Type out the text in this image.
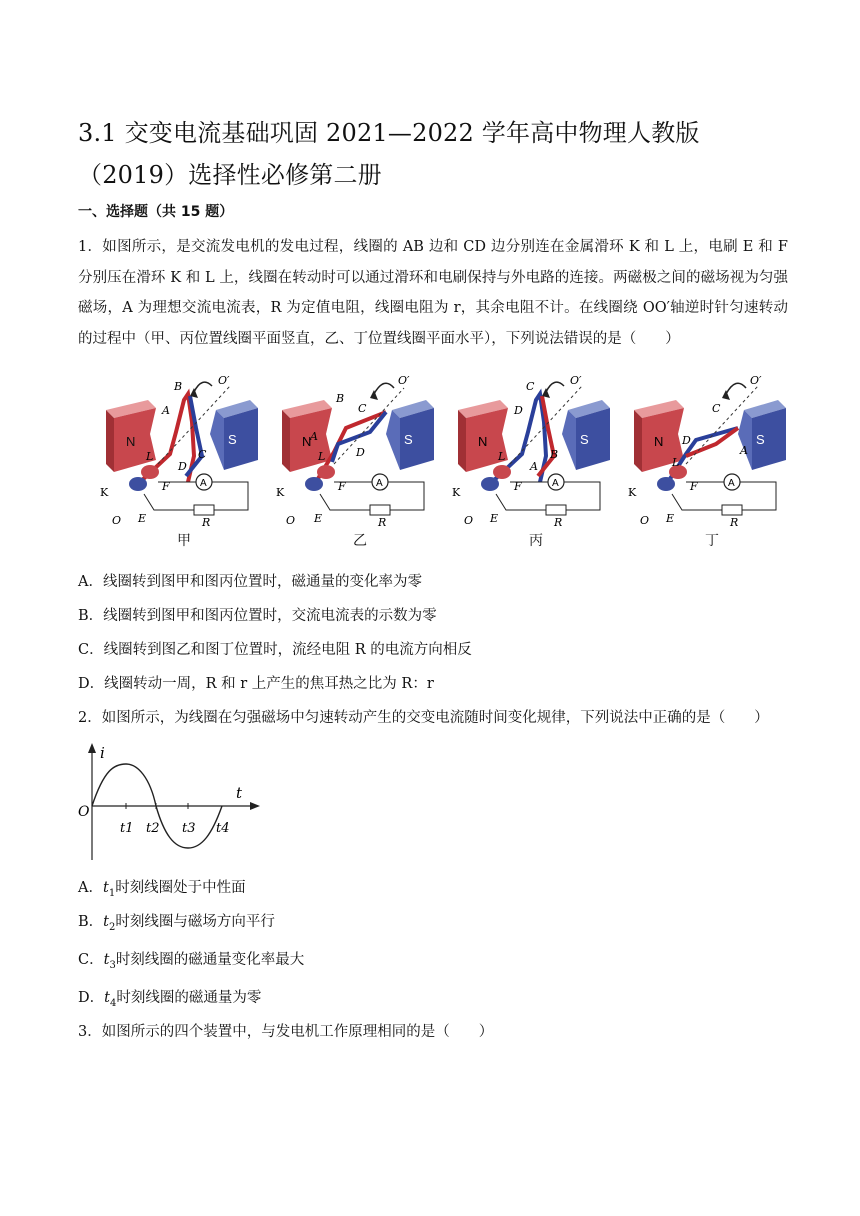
3.1 交变电流基础巩固 2021—2022 学年高中物理人教版（2019）选择性必修第二册
一、选择题（共 15 题）
1．如图所示，是交流发电机的发电过程，线圈的 AB 边和 CD 边分别连在金属滑环 K 和 L 上，电刷 E 和 F 分别压在滑环 K 和 L 上，线圈在转动时可以通过滑环和电刷保持与外电路的连接。两磁极之间的磁场视为匀强磁场，A 为理想交流电流表，R 为定值电阻，线圈电阻为 r，其余电阻不计。在线圈绕 OO′轴逆时针匀速转动的过程中（甲、丙位置线圈平面竖直，乙、丁位置线圈平面水平），下列说法错误的是（　　）
N	S
A
R
K
O E
F
L
B
A
C
D
O′
甲
N	S
A
R
K
O E
F
L
B
A
C
D
O′
乙
N	S
A
R
K
O E
F
L
C
D
B
A
O′
丙
N	S
A
R
K
O E
F
L
C
D
A
O′
丁
A．线圈转到图甲和图丙位置时，磁通量的变化率为零
B．线圈转到图甲和图丙位置时，交流电流表的示数为零
C．线圈转到图乙和图丁位置时，流经电阻 R 的电流方向相反
D．线圈转动一周，R 和 r 上产生的焦耳热之比为 R：r
2．如图所示，为线圈在匀强磁场中匀速转动产生的交变电流随时间变化规律，下列说法中正确的是（　　）
i
t
O
t1 t2 t3 t4
A．$t_1$时刻线圈处于中性面
B．$t_2$时刻线圈与磁场方向平行
C．$t_3$时刻线圈的磁通量变化率最大
D．$t_4$时刻线圈的磁通量为零
3．如图所示的四个装置中，与发电机工作原理相同的是（　　）
